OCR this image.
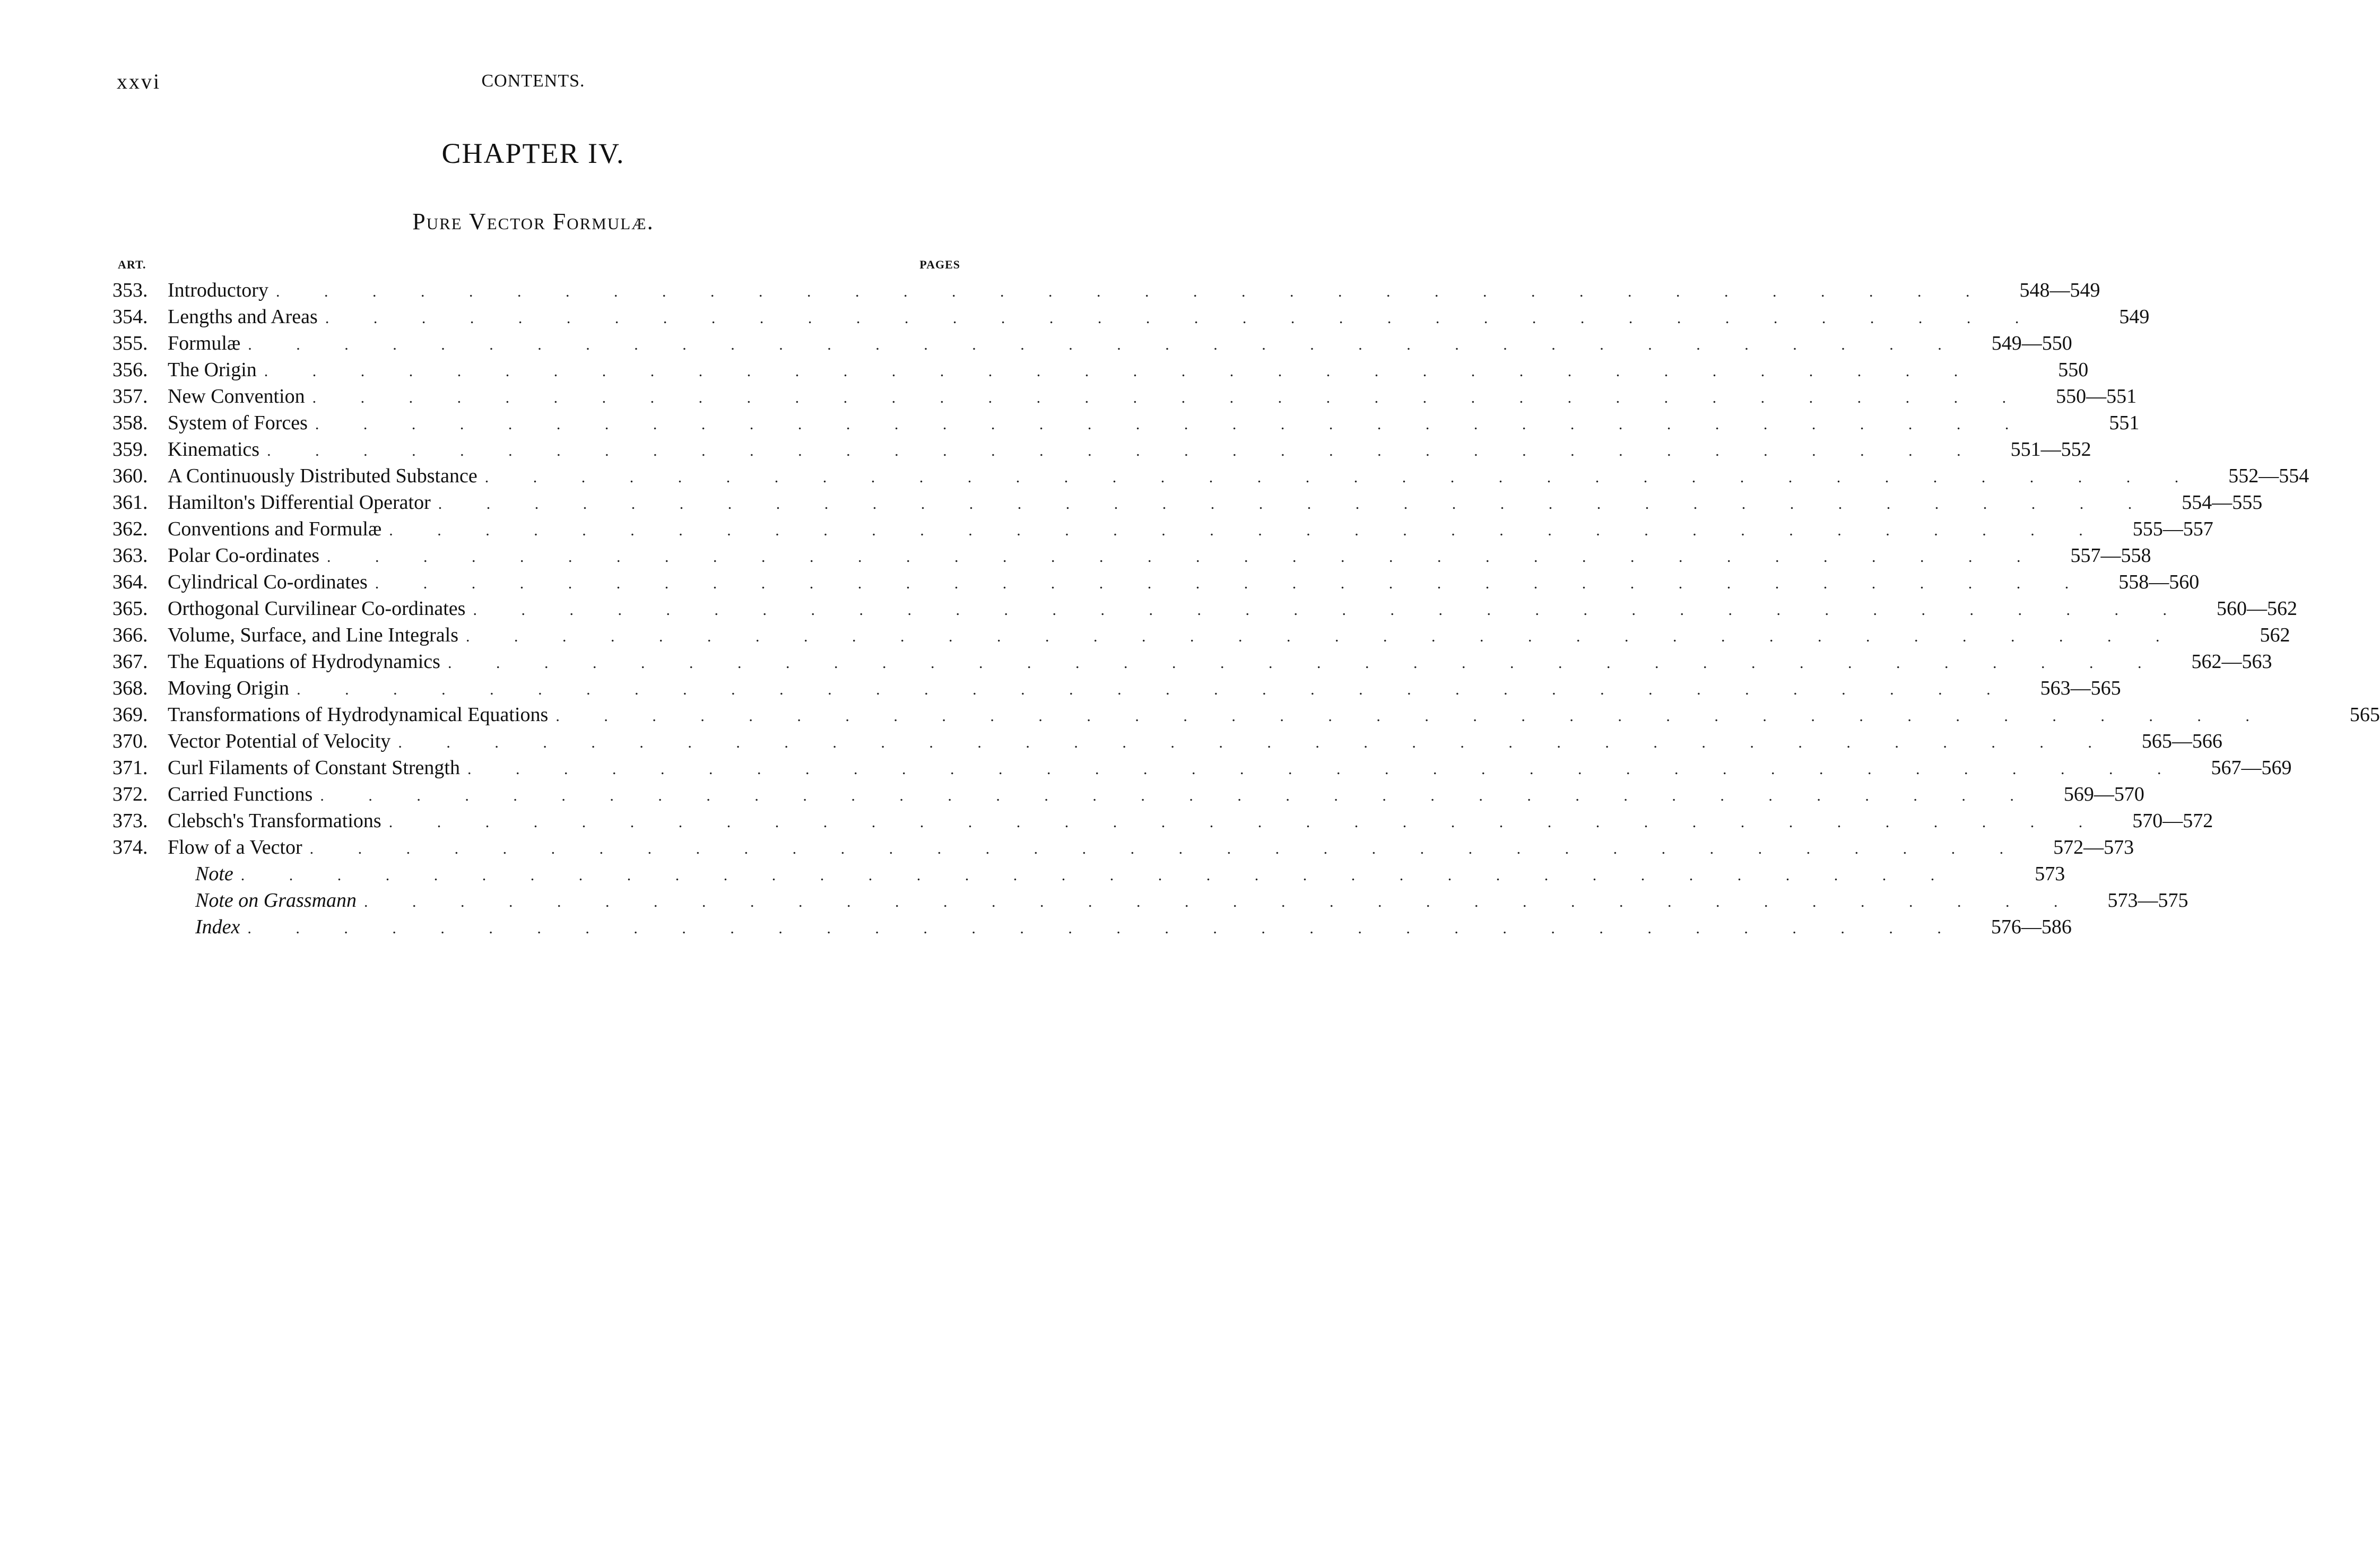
xxvi	CONTENTS.
CHAPTER IV.
Pure Vector Formulæ.
ART.	PAGES
353. Introductory . . . . . . . . . . . . . . . . . . . . . . . . . . . . . . . . . . . .	548—549
354. Lengths and Areas . . . . . . . . . . . . . . . . . . . . . . . . . . . . . . . . . . . .	549
355. Formulæ . . . . . . . . . . . . . . . . . . . . . . . . . . . . . . . . . . . .	549—550
356. The Origin . . . . . . . . . . . . . . . . . . . . . . . . . . . . . . . . . . . .	550
357. New Convention . . . . . . . . . . . . . . . . . . . . . . . . . . . . . . . . . . . .	550—551
358. System of Forces . . . . . . . . . . . . . . . . . . . . . . . . . . . . . . . . . . . .	551
359. Kinematics . . . . . . . . . . . . . . . . . . . . . . . . . . . . . . . . . . . .	551—552
360. A Continuously Distributed Substance . . . . . . . . . . . . . . . . . . . . . . . . . . . . . . . . . . . .	552—554
361. Hamilton's Differential Operator . . . . . . . . . . . . . . . . . . . . . . . . . . . . . . . . . . . .	554—555
362. Conventions and Formulæ . . . . . . . . . . . . . . . . . . . . . . . . . . . . . . . . . . . .	555—557
363. Polar Co-ordinates . . . . . . . . . . . . . . . . . . . . . . . . . . . . . . . . . . . .	557—558
364. Cylindrical Co-ordinates . . . . . . . . . . . . . . . . . . . . . . . . . . . . . . . . . . . .	558—560
365. Orthogonal Curvilinear Co-ordinates . . . . . . . . . . . . . . . . . . . . . . . . . . . . . . . . . . . .	560—562
366. Volume, Surface, and Line Integrals . . . . . . . . . . . . . . . . . . . . . . . . . . . . . . . . . . . .	562
367. The Equations of Hydrodynamics . . . . . . . . . . . . . . . . . . . . . . . . . . . . . . . . . . . .	562—563
368. Moving Origin . . . . . . . . . . . . . . . . . . . . . . . . . . . . . . . . . . . .	563—565
369. Transformations of Hydrodynamical Equations . . . . . . . . . . . . . . . . . . . . . . . . . . . . . . . . . . . .	565
370. Vector Potential of Velocity . . . . . . . . . . . . . . . . . . . . . . . . . . . . . . . . . . . .	565—566
371. Curl Filaments of Constant Strength . . . . . . . . . . . . . . . . . . . . . . . . . . . . . . . . . . . .	567—569
372. Carried Functions . . . . . . . . . . . . . . . . . . . . . . . . . . . . . . . . . . . .	569—570
373. Clebsch's Transformations . . . . . . . . . . . . . . . . . . . . . . . . . . . . . . . . . . . .	570—572
374. Flow of a Vector . . . . . . . . . . . . . . . . . . . . . . . . . . . . . . . . . . . .	572—573
Note . . . . . . . . . . . . . . . . . . . . . . . . . . . . . . . . . . . .	573
Note on Grassmann . . . . . . . . . . . . . . . . . . . . . . . . . . . . . . . . . . . .	573—575
Index . . . . . . . . . . . . . . . . . . . . . . . . . . . . . . . . . . . .	576—586
